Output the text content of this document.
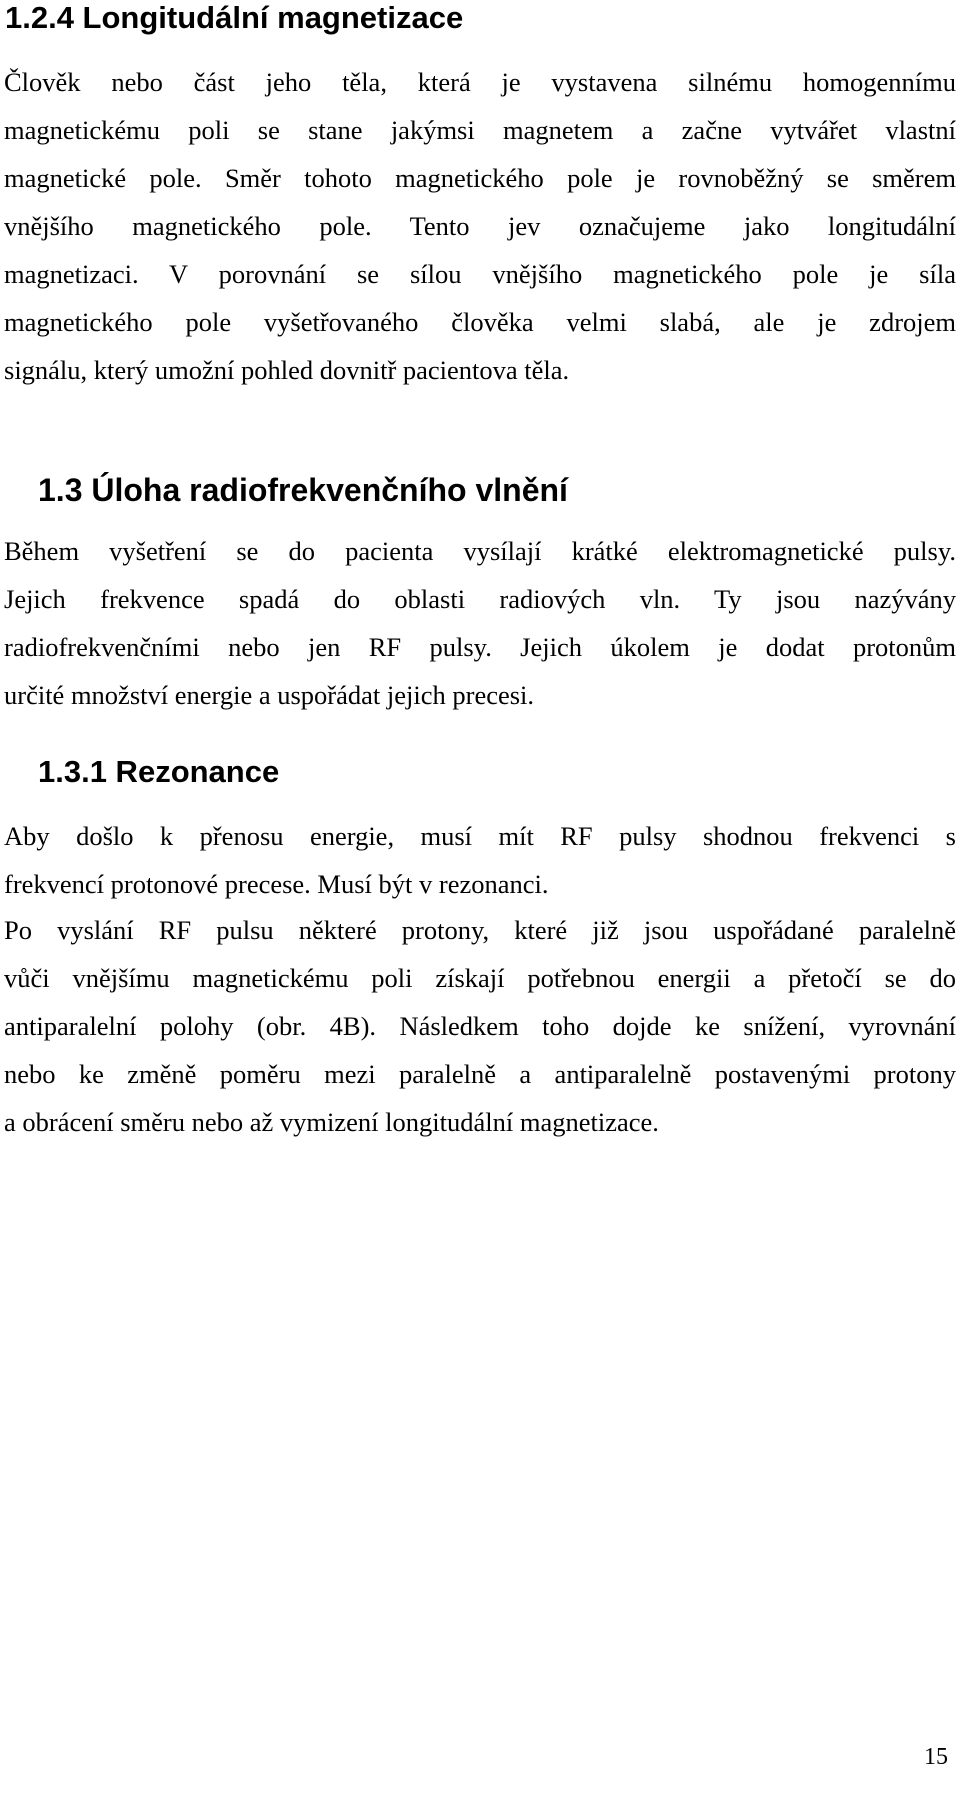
1.2.4 Longitudální magnetizace

Člověk nebo část jeho těla, která je vystavena silnému homogennímu

magnetickému poli se stane jakýmsi magnetem a začne vytvářet vlastní

magnetické pole. Směr tohoto magnetického pole je rovnoběžný se směrem

vnějšího magnetického pole. Tento jev označujeme jako longitudální

magnetizaci. V porovnání se sílou vnějšího magnetického pole je síla

magnetického pole vyšetřovaného člověka velmi slabá, ale je zdrojem

signálu, který umožní pohled dovnitř pacientova těla.

1.3 Úloha radiofrekvenčního vlnění

Během vyšetření se do pacienta vysílají krátké elektromagnetické pulsy.

Jejich frekvence spadá do oblasti radiových vln. Ty jsou nazývány

radiofrekvenčními nebo jen RF pulsy. Jejich úkolem je dodat protonům

určité množství energie a uspořádat jejich precesi.

1.3.1 Rezonance

Aby došlo k přenosu energie, musí mít RF pulsy shodnou frekvenci s

frekvencí protonové precese. Musí být v rezonanci.

Po vyslání RF pulsu některé protony, které již jsou uspořádané paralelně

vůči vnějšímu magnetickému poli získají potřebnou energii a přetočí se do

antiparalelní polohy (obr. 4B). Následkem toho dojde ke snížení, vyrovnání

nebo ke změně poměru mezi paralelně a antiparalelně postavenými protony

a obrácení směru nebo až vymizení longitudální magnetizace.

15
